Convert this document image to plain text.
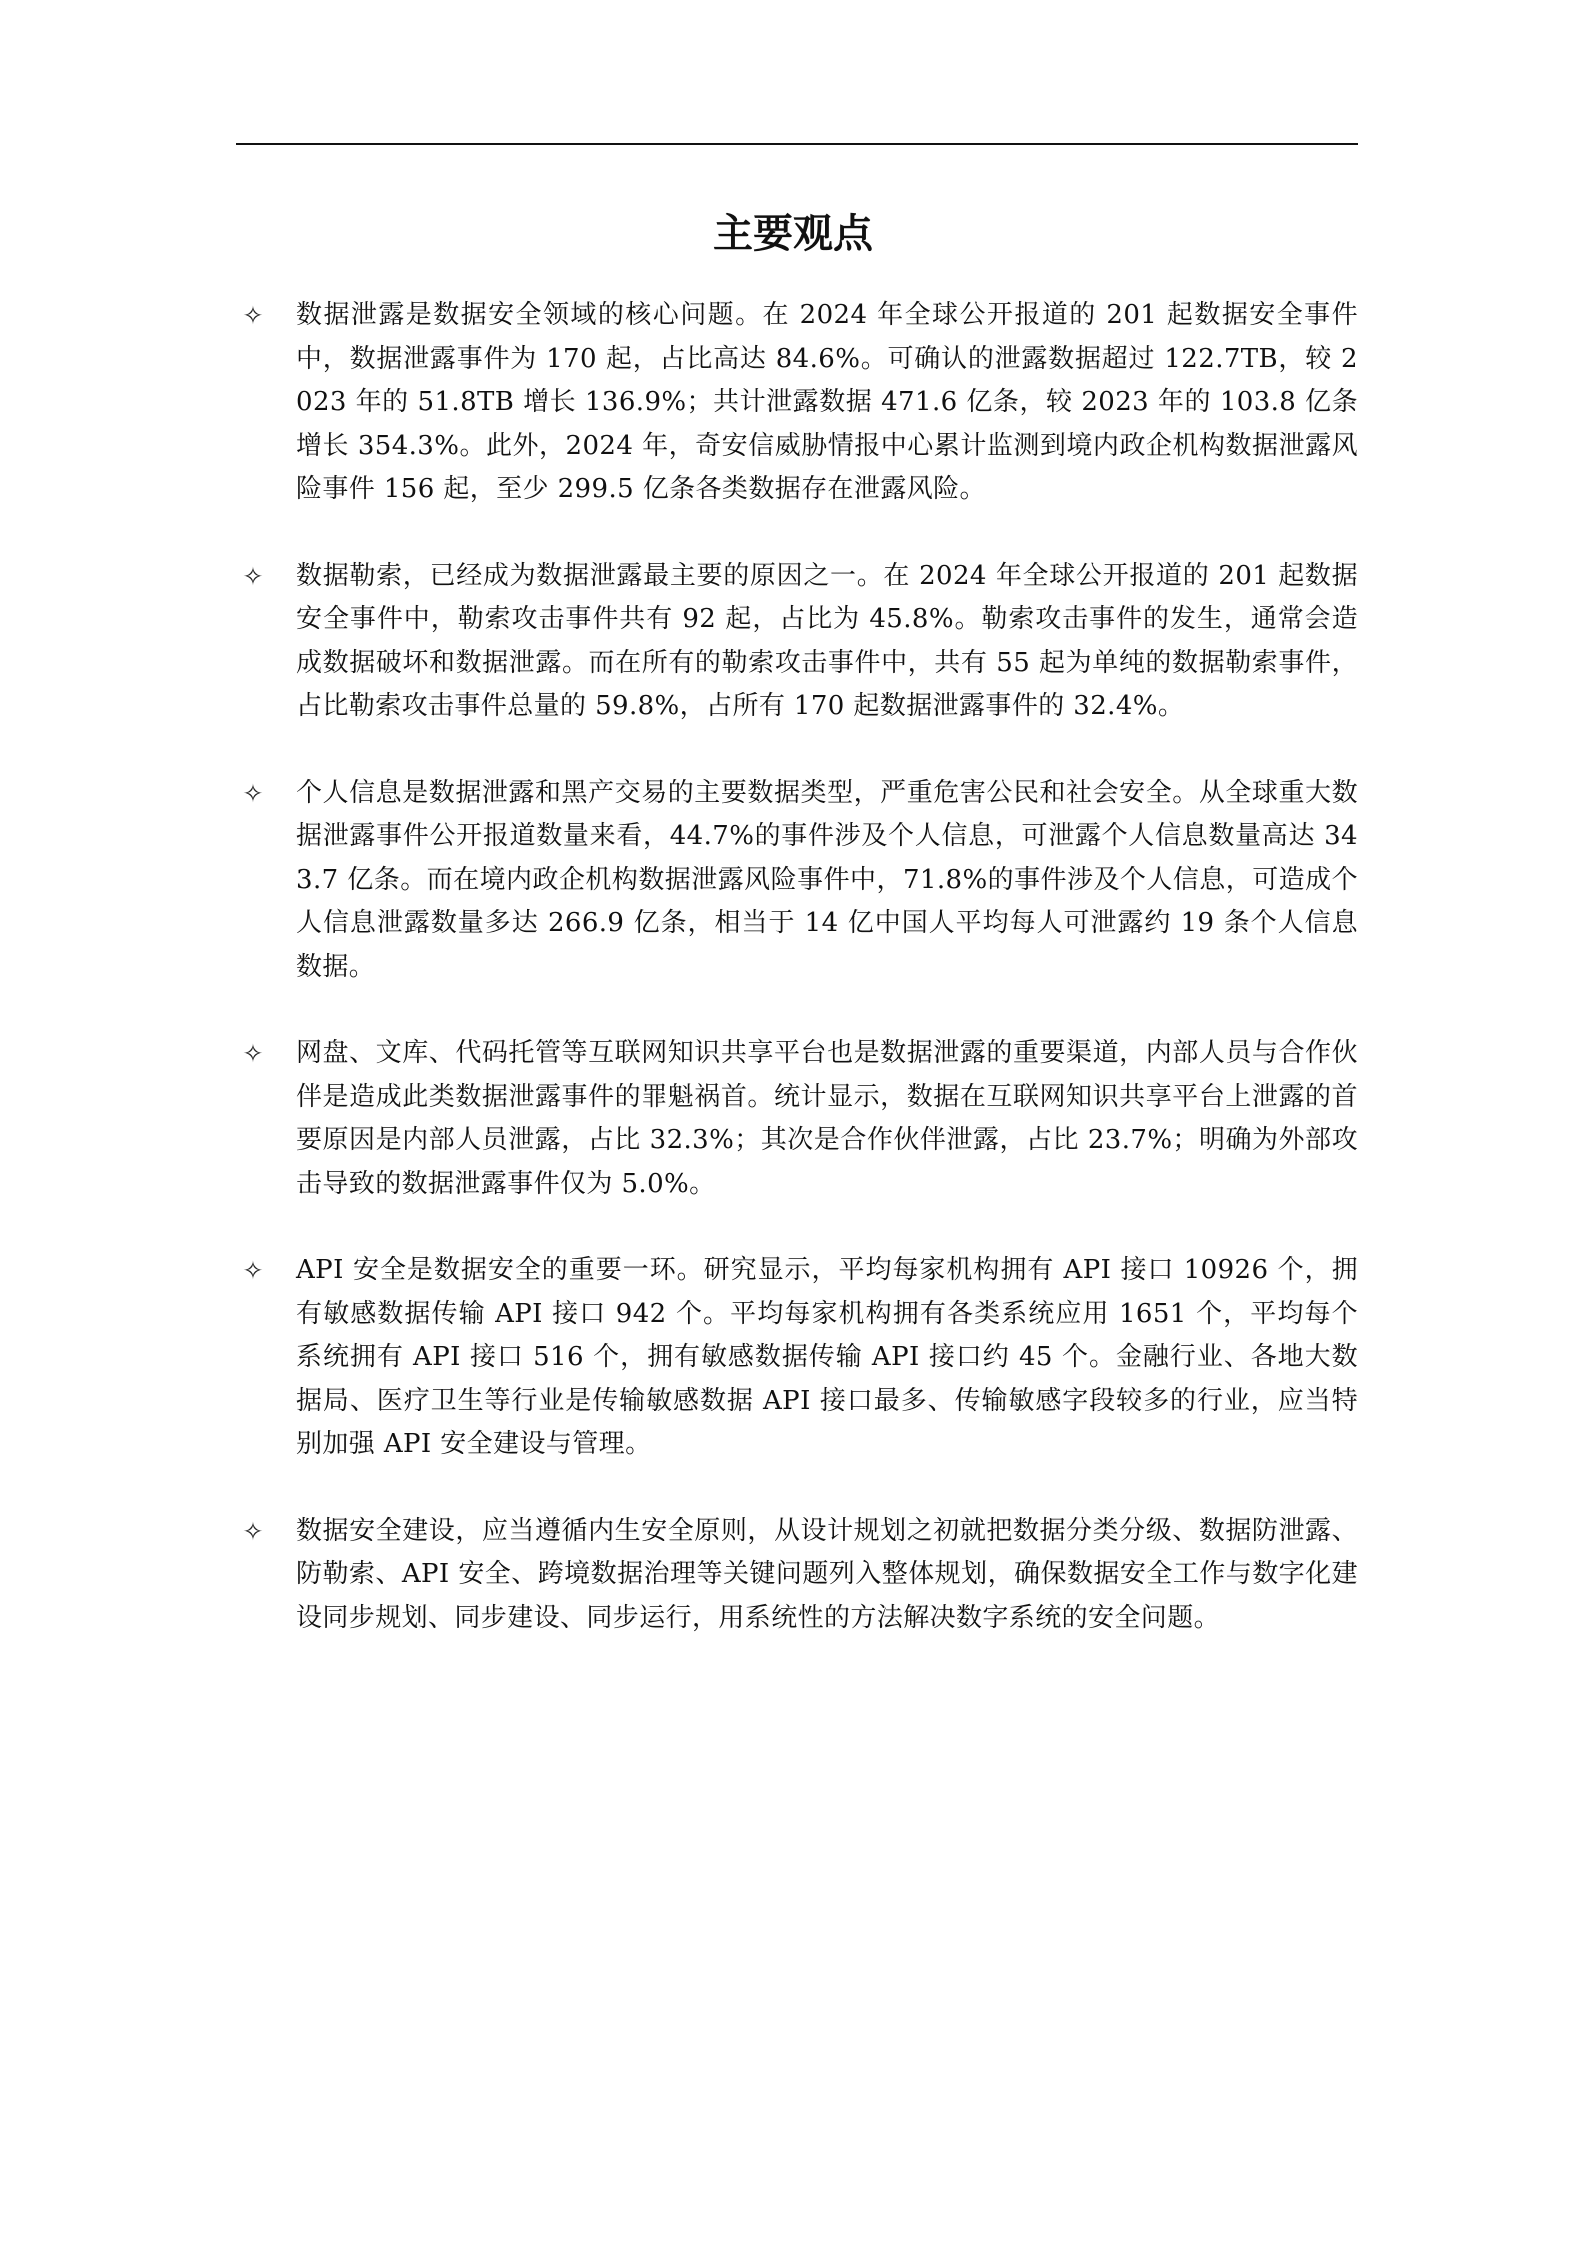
主要观点
✧ 数据泄露是数据安全领域的核心问题。在 2024 年全球公开报道的 201 起数据安全事件中，数据泄露事件为 170 起，占比高达 84.6%。可确认的泄露数据超过 122.7TB，较 2023 年的 51.8TB 增长 136.9%；共计泄露数据 471.6 亿条，较 2023 年的 103.8 亿条增长 354.3%。此外，2024 年，奇安信威胁情报中心累计监测到境内政企机构数据泄露风险事件 156 起，至少 299.5 亿条各类数据存在泄露风险。
✧ 数据勒索，已经成为数据泄露最主要的原因之一。在 2024 年全球公开报道的 201 起数据安全事件中，勒索攻击事件共有 92 起，占比为 45.8%。勒索攻击事件的发生，通常会造成数据破坏和数据泄露。而在所有的勒索攻击事件中，共有 55 起为单纯的数据勒索事件，占比勒索攻击事件总量的 59.8%，占所有 170 起数据泄露事件的 32.4%。
✧ 个人信息是数据泄露和黑产交易的主要数据类型，严重危害公民和社会安全。从全球重大数据泄露事件公开报道数量来看，44.7%的事件涉及个人信息，可泄露个人信息数量高达 343.7 亿条。而在境内政企机构数据泄露风险事件中，71.8%的事件涉及个人信息，可造成个人信息泄露数量多达 266.9 亿条，相当于 14 亿中国人平均每人可泄露约 19 条个人信息数据。
✧ 网盘、文库、代码托管等互联网知识共享平台也是数据泄露的重要渠道，内部人员与合作伙伴是造成此类数据泄露事件的罪魁祸首。统计显示，数据在互联网知识共享平台上泄露的首要原因是内部人员泄露，占比 32.3%；其次是合作伙伴泄露，占比 23.7%；明确为外部攻击导致的数据泄露事件仅为 5.0%。
✧ API 安全是数据安全的重要一环。研究显示，平均每家机构拥有 API 接口 10926 个，拥有敏感数据传输 API 接口 942 个。平均每家机构拥有各类系统应用 1651 个，平均每个系统拥有 API 接口 516 个，拥有敏感数据传输 API 接口约 45 个。金融行业、各地大数据局、医疗卫生等行业是传输敏感数据 API 接口最多、传输敏感字段较多的行业，应当特别加强 API 安全建设与管理。
✧ 数据安全建设，应当遵循内生安全原则，从设计规划之初就把数据分类分级、数据防泄露、防勒索、API 安全、跨境数据治理等关键问题列入整体规划，确保数据安全工作与数字化建设同步规划、同步建设、同步运行，用系统性的方法解决数字系统的安全问题。
